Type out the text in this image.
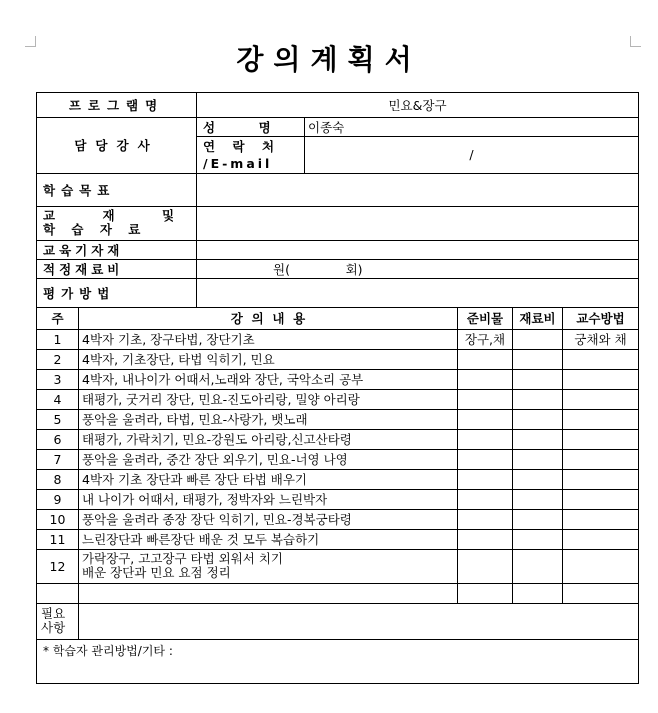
강의계획서
프로그램명		민요&장구				
담당강사		성          명	이종숙			
		연    락    처	/			
		/E-mail				
학습목표						

교    재    및
학 습 자 료						

교육기자재						
적정재료비		원(              회)				
평가방법						
주	강  의  내  용			준비물	재료비	교수방법
1	4박자 기초, 장구타법, 장단기초			장구,채		궁채와 채
2	4박자, 기초장단, 타법 익히기, 민요					
3	4박자, 내나이가 어때서,노래와 장단, 국악소리 공부					
4	태평가, 굿거리 장단, 민요-진도아리랑, 밀양 아리랑					
5	풍악을 울려라, 타법, 민요-사랑가, 뱃노래					
6	태평가, 가락치기, 민요-강원도 아리랑,신고산타령					
7	풍악을 울려라, 중간 장단 외우기, 민요-너영 나영					
8	4박자 기초 장단과 빠른 장단 타법 배우기					
9	내 나이가 어때서, 태평가, 정박자와 느린박자					
10	풍악을 울려라 종장 장단 익히기, 민요-경복궁타령					
11	느린장단과 빠른장단 배운 것 모두 복습하기					
12	가락장구, 고고장구 타법 외워서 치기
배운 장단과 민요 요점 정리					

필요
사항						

* 학습자 관리방법/기타 :						
